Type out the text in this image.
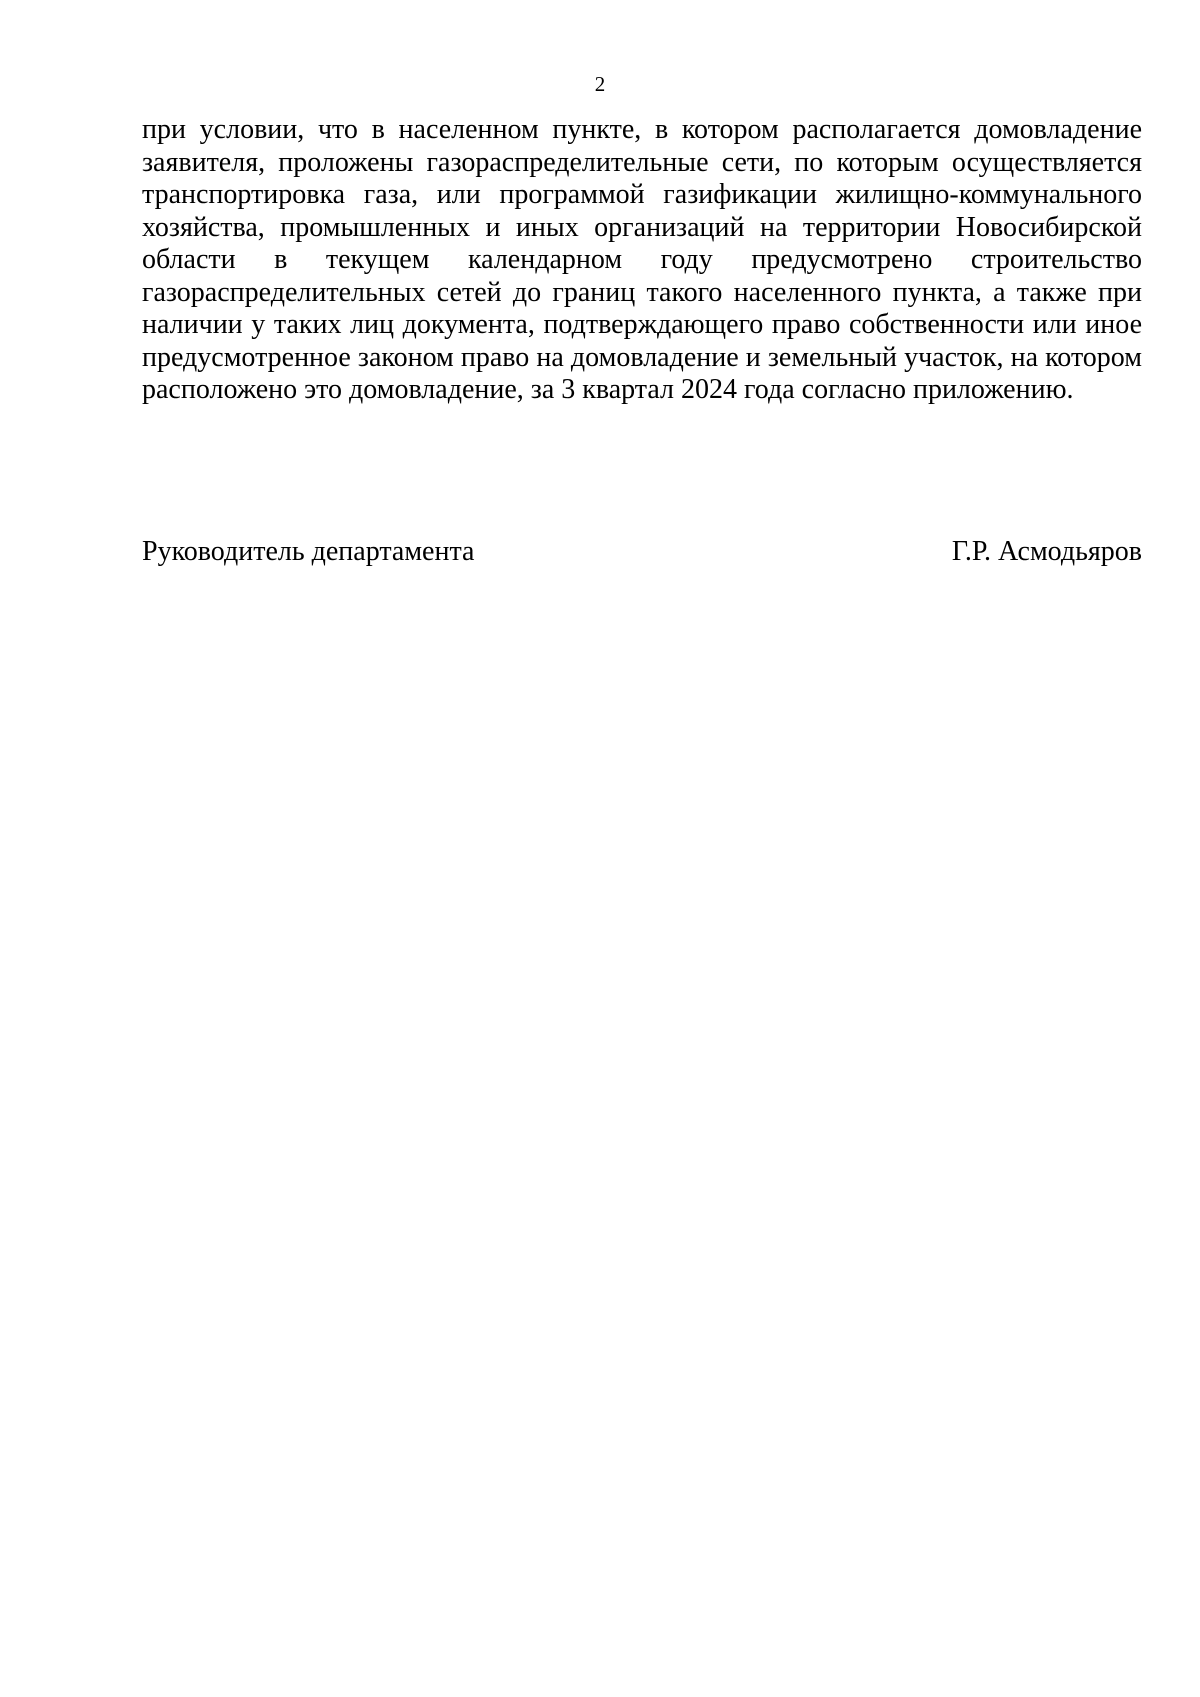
2

при условии, что в населенном пункте, в котором располагается домовладение заявителя, проложены газораспределительные сети, по которым осуществляется транспортировка газа, или программой газификации жилищно-коммунального хозяйства, промышленных и иных организаций на территории Новосибирской области в текущем календарном году предусмотрено строительство газораспределительных сетей до границ такого населенного пункта, а также при наличии у таких лиц документа, подтверждающего право собственности или иное предусмотренное законом право на домовладение и земельный участок, на котором расположено это домовладение, за 3 квартал 2024 года согласно приложению.

Руководитель департамента	Г.Р. Асмодьяров
